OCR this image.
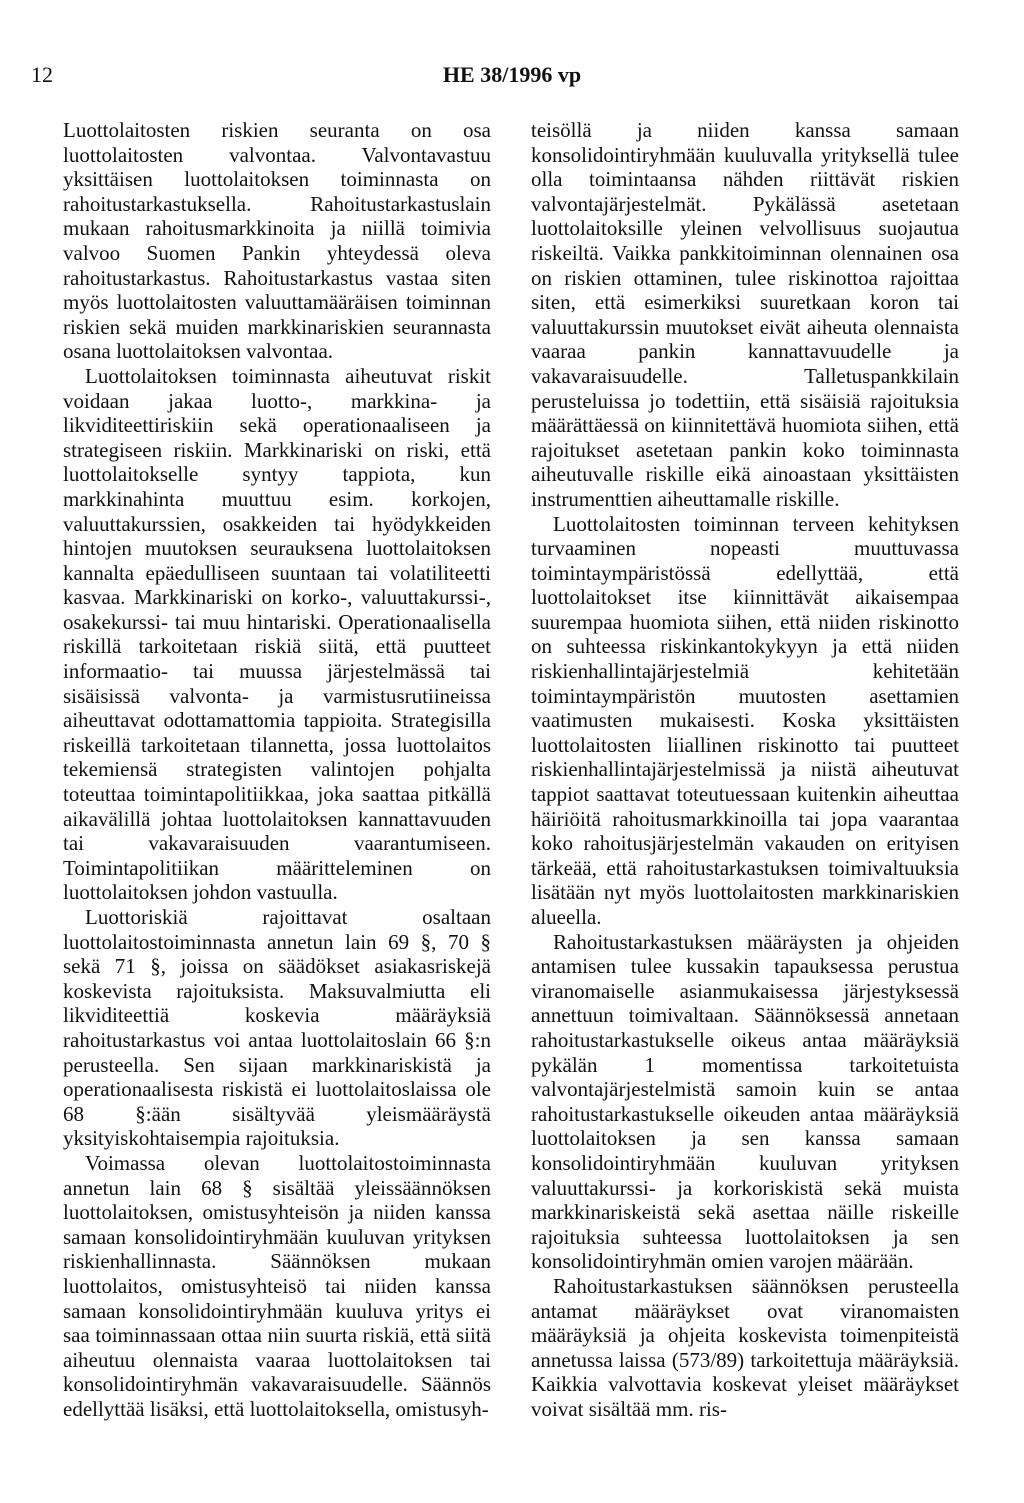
12	HE 38/1996 vp

Luottolaitosten riskien seuranta on osa luottolaitosten valvontaa. Valvontavastuu yksittäisen luottolaitoksen toiminnasta on rahoitustarkastuksella. Rahoitustarkastuslain mukaan rahoitusmarkkinoita ja niillä toimivia valvoo Suomen Pankin yhteydessä oleva rahoitustarkastus. Rahoitustarkastus vastaa siten myös luottolaitosten valuuttamääräisen toiminnan riskien sekä muiden markkinariskien seurannasta osana luottolaitoksen valvontaa.

Luottolaitoksen toiminnasta aiheutuvat riskit voidaan jakaa luotto-, markkina- ja likviditeettiriskiin sekä operationaaliseen ja strategiseen riskiin. Markkinariski on riski, että luottolaitokselle syntyy tappiota, kun markkinahinta muuttuu esim. korkojen, valuuttakurssien, osakkeiden tai hyödykkeiden hintojen muutoksen seurauksena luottolaitoksen kannalta epäedulliseen suuntaan tai volatiliteetti kasvaa. Markkinariski on korko-, valuuttakurssi-, osakekurssi- tai muu hintariski. Operationaalisella riskillä tarkoitetaan riskiä siitä, että puutteet informaatio- tai muussa järjestelmässä tai sisäisissä valvonta- ja varmistusrutiineissa aiheuttavat odottamattomia tappioita. Strategisilla riskeillä tarkoitetaan tilannetta, jossa luottolaitos tekemiensä strategisten valintojen pohjalta toteuttaa toimintapolitiikkaa, joka saattaa pitkällä aikavälillä johtaa luottolaitoksen kannattavuuden tai vakavaraisuuden vaarantumiseen. Toimintapolitiikan määritteleminen on luottolaitoksen johdon vastuulla.

Luottoriskiä rajoittavat osaltaan luottolaitostoiminnasta annetun lain 69 §, 70 § sekä 71 §, joissa on säädökset asiakasriskejä koskevista rajoituksista. Maksuvalmiutta eli likviditeettiä koskevia määräyksiä rahoitustarkastus voi antaa luottolaitoslain 66 §:n perusteella. Sen sijaan markkinariskistä ja operationaalisesta riskistä ei luottolaitoslaissa ole 68 §:ään sisältyvää yleismääräystä yksityiskohtaisempia rajoituksia.

Voimassa olevan luottolaitostoiminnasta annetun lain 68 § sisältää yleissäännöksen luottolaitoksen, omistusyhteisön ja niiden kanssa samaan konsolidointiryhmään kuuluvan yrityksen riskienhallinnasta. Säännöksen mukaan luottolaitos, omistusyhteisö tai niiden kanssa samaan konsolidointiryhmään kuuluva yritys ei saa toiminnassaan ottaa niin suurta riskiä, että siitä aiheutuu olennaista vaaraa luottolaitoksen tai konsolidointiryhmän vakavaraisuudelle. Säännös edellyttää lisäksi, että luottolaitoksella, omistusyh-

teisöllä ja niiden kanssa samaan konsolidointiryhmään kuuluvalla yrityksellä tulee olla toimintaansa nähden riittävät riskien valvontajärjestelmät. Pykälässä asetetaan luottolaitoksille yleinen velvollisuus suojautua riskeiltä. Vaikka pankkitoiminnan olennainen osa on riskien ottaminen, tulee riskinottoa rajoittaa siten, että esimerkiksi suuretkaan koron tai valuuttakurssin muutokset eivät aiheuta olennaista vaaraa pankin kannattavuudelle ja vakavaraisuudelle. Talletuspankkilain perusteluissa jo todettiin, että sisäisiä rajoituksia määrättäessä on kiinnitettävä huomiota siihen, että rajoitukset asetetaan pankin koko toiminnasta aiheutuvalle riskille eikä ainoastaan yksittäisten instrumenttien aiheuttamalle riskille.

Luottolaitosten toiminnan terveen kehityksen turvaaminen nopeasti muuttuvassa toimintaympäristössä edellyttää, että luottolaitokset itse kiinnittävät aikaisempaa suurempaa huomiota siihen, että niiden riskinotto on suhteessa riskinkantokykyyn ja että niiden riskienhallintajärjestelmiä kehitetään toimintaympäristön muutosten asettamien vaatimusten mukaisesti. Koska yksittäisten luottolaitosten liiallinen riskinotto tai puutteet riskienhallintajärjestelmissä ja niistä aiheutuvat tappiot saattavat toteutuessaan kuitenkin aiheuttaa häiriöitä rahoitusmarkkinoilla tai jopa vaarantaa koko rahoitusjärjestelmän vakauden on erityisen tärkeää, että rahoitustarkastuksen toimivaltuuksia lisätään nyt myös luottolaitosten markkinariskien alueella.

Rahoitustarkastuksen määräysten ja ohjeiden antamisen tulee kussakin tapauksessa perustua viranomaiselle asianmukaisessa järjestyksessä annettuun toimivaltaan. Säännöksessä annetaan rahoitustarkastukselle oikeus antaa määräyksiä pykälän 1 momentissa tarkoitetuista valvontajärjestelmistä samoin kuin se antaa rahoitustarkastukselle oikeuden antaa määräyksiä luottolaitoksen ja sen kanssa samaan konsolidointiryhmään kuuluvan yrityksen valuuttakurssi- ja korkoriskistä sekä muista markkinariskeistä sekä asettaa näille riskeille rajoituksia suhteessa luottolaitoksen ja sen konsolidointiryhmän omien varojen määrään.

Rahoitustarkastuksen säännöksen perusteella antamat määräykset ovat viranomaisten määräyksiä ja ohjeita koskevista toimenpiteistä annetussa laissa (573/89) tarkoitettuja määräyksiä. Kaikkia valvottavia koskevat yleiset määräykset voivat sisältää mm. ris-
